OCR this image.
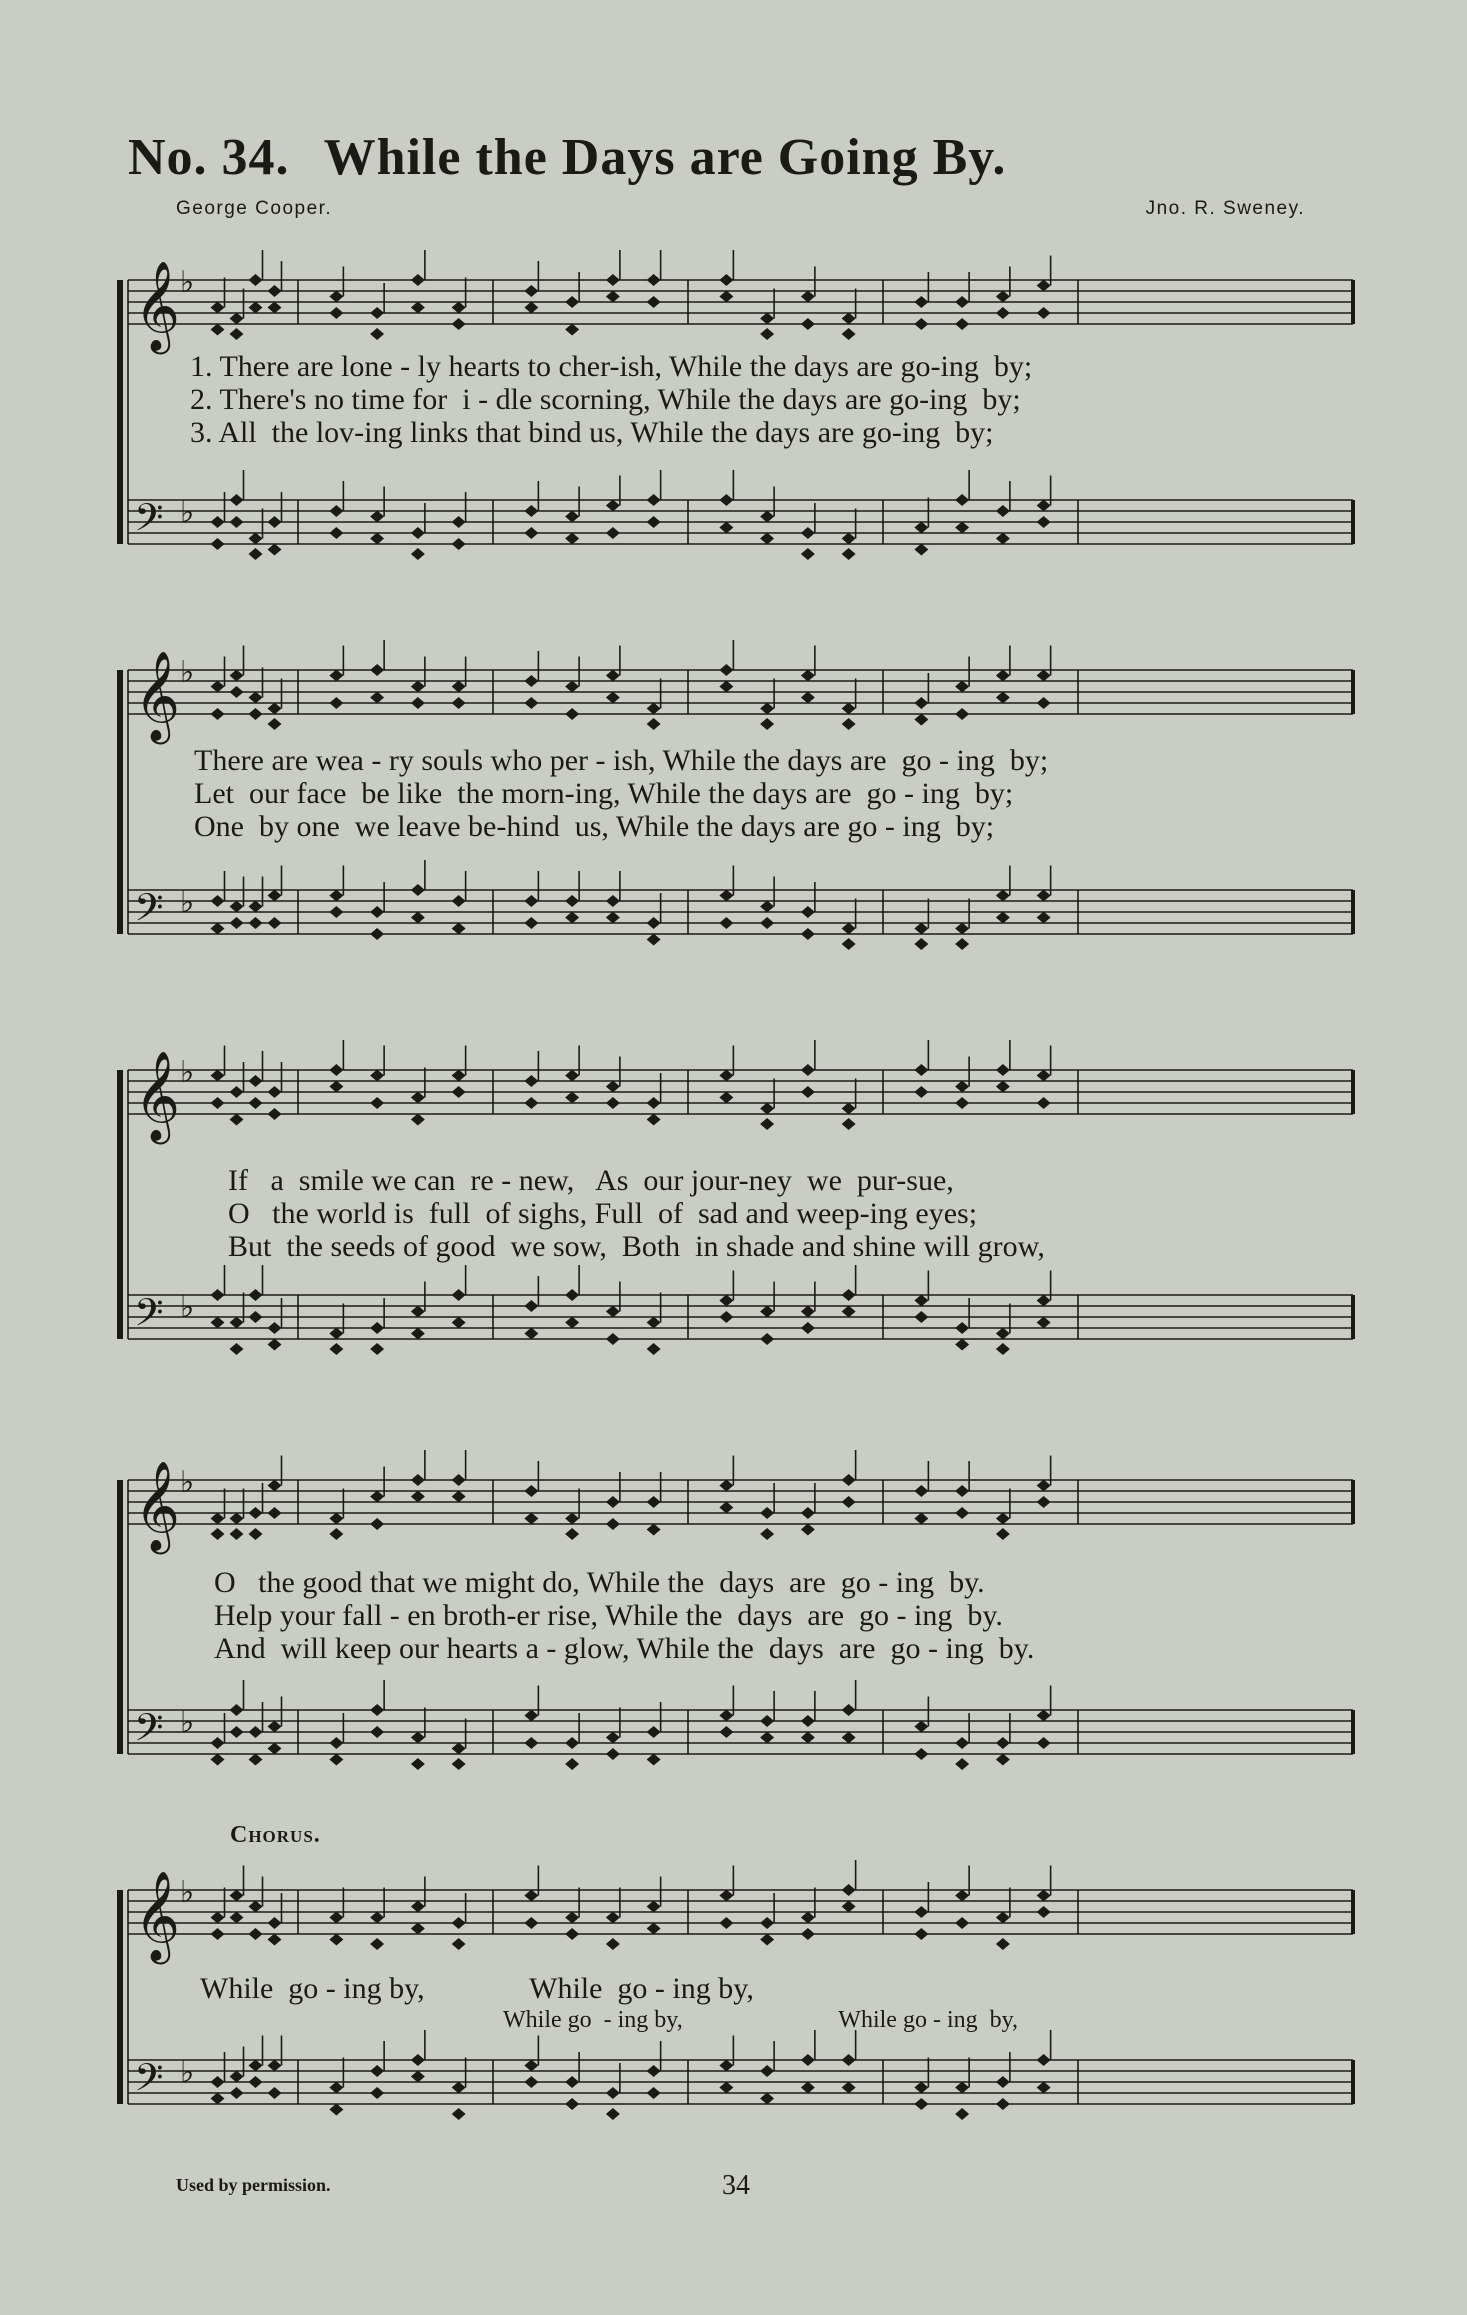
No. 34. While the Days are Going By.
George Cooper.	Jno. R. Sweney.
𝄞 ♭
𝄢 ♭
1. There are lone - ly hearts to cher-ish, While the days are go-ing  by;
2. There's no time for  i - dle scorning, While the days are go-ing  by;
3. All  the lov-ing links that bind us, While the days are go-ing  by;
𝄞 ♭
𝄢 ♭
There are wea - ry souls who per - ish, While the days are  go - ing  by;
Let  our face  be like  the morn-ing, While the days are  go - ing  by;
One  by one  we leave be-hind  us, While the days are go - ing  by;
𝄞 ♭
𝄢 ♭
If   a  smile we can  re - new,   As  our jour-ney  we  pur-sue,
O   the world is  full  of sighs, Full  of  sad and weep-ing eyes;
But  the seeds of good  we sow,  Both  in shade and shine will grow,
𝄞 ♭
𝄢 ♭
O   the good that we might do, While the  days  are  go - ing  by.
Help your fall - en broth-er rise, While the  days  are  go - ing  by.
And  will keep our hearts a - glow, While the  days  are  go - ing  by.
Chorus.
𝄞 ♭
𝄢 ♭
While  go - ing by,              While  go - ing by,
While go  - ing by,                          While go - ing  by,
Used by permission.	34
